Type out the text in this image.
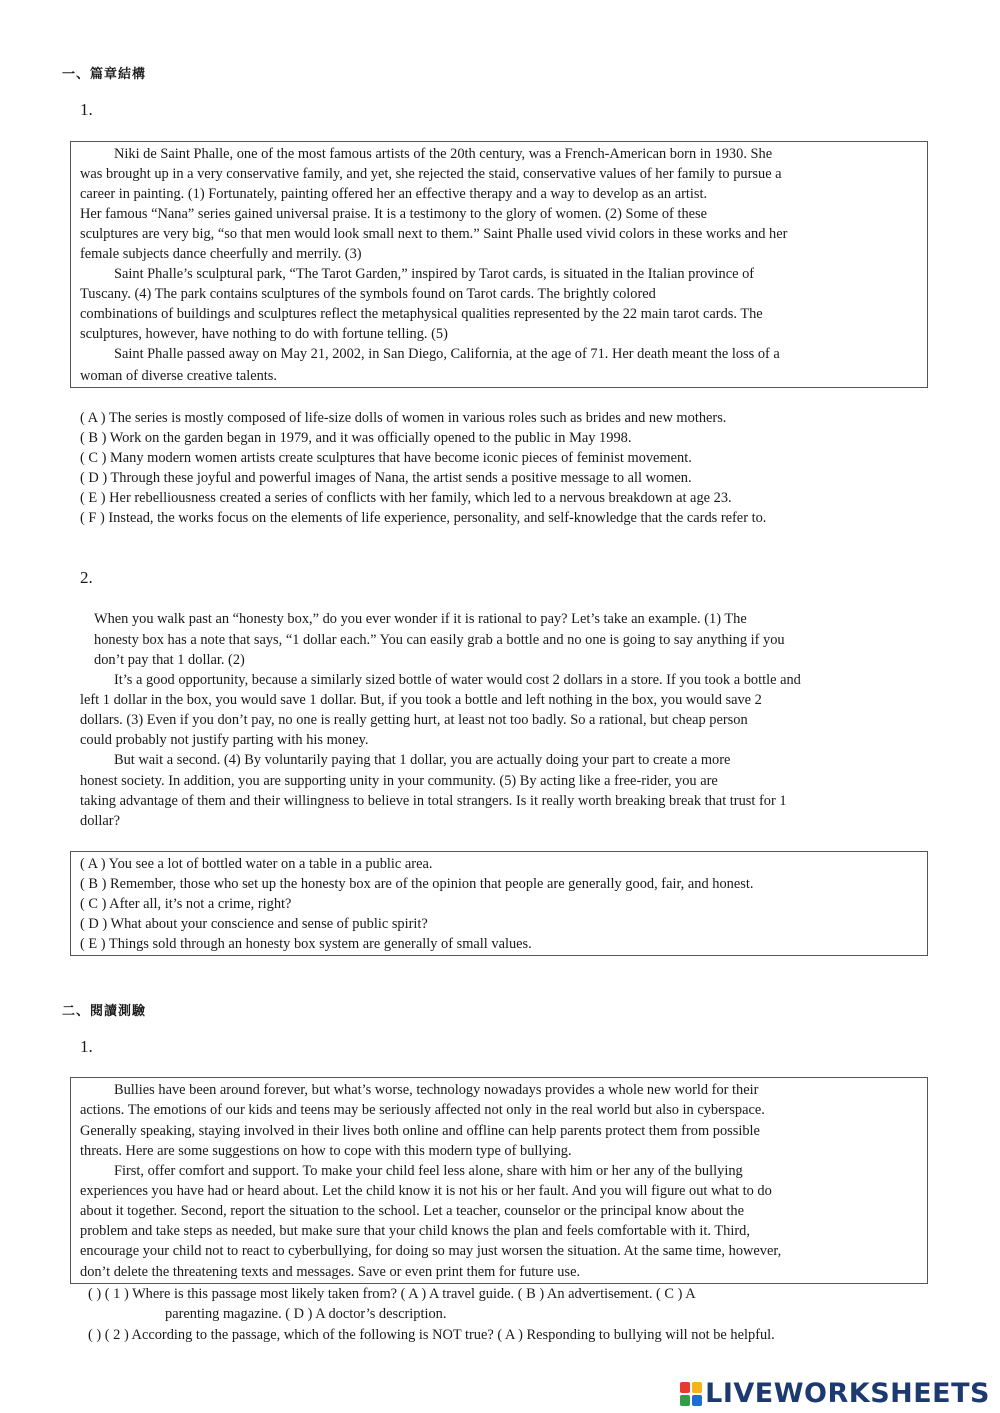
一、篇章結構
1.
Niki de Saint Phalle, one of the most famous artists of the 20th century, was a French-American born in 1930. She
was brought up in a very conservative family, and yet, she rejected the staid, conservative values of her family to pursue a
career in painting. (1) Fortunately, painting offered her an effective therapy and a way to develop as an artist.
Her famous “Nana” series gained universal praise. It is a testimony to the glory of women. (2) Some of these
sculptures are very big, “so that men would look small next to them.” Saint Phalle used vivid colors in these works and her
female subjects dance cheerfully and merrily. (3)
Saint Phalle’s sculptural park, “The Tarot Garden,” inspired by Tarot cards, is situated in the Italian province of
Tuscany. (4) The park contains sculptures of the symbols found on Tarot cards. The brightly colored
combinations of buildings and sculptures reflect the metaphysical qualities represented by the 22 main tarot cards. The
sculptures, however, have nothing to do with fortune telling. (5)
Saint Phalle passed away on May 21, 2002, in San Diego, California, at the age of 71. Her death meant the loss of a
woman of diverse creative talents.
( A ) The series is mostly composed of life-size dolls of women in various roles such as brides and new mothers.
( B ) Work on the garden began in 1979, and it was officially opened to the public in May 1998.
( C ) Many modern women artists create sculptures that have become iconic pieces of feminist movement.
( D ) Through these joyful and powerful images of Nana, the artist sends a positive message to all women.
( E ) Her rebelliousness created a series of conflicts with her family, which led to a nervous breakdown at age 23.
( F ) Instead, the works focus on the elements of life experience, personality, and self-knowledge that the cards refer to.
2.
When you walk past an “honesty box,” do you ever wonder if it is rational to pay? Let’s take an example. (1) The
honesty box has a note that says, “1 dollar each.” You can easily grab a bottle and no one is going to say anything if you
don’t pay that 1 dollar. (2)
It’s a good opportunity, because a similarly sized bottle of water would cost 2 dollars in a store. If you took a bottle and
left 1 dollar in the box, you would save 1 dollar. But, if you took a bottle and left nothing in the box, you would save 2
dollars. (3) Even if you don’t pay, no one is really getting hurt, at least not too badly. So a rational, but cheap person
could probably not justify parting with his money.
But wait a second. (4) By voluntarily paying that 1 dollar, you are actually doing your part to create a more
honest society. In addition, you are supporting unity in your community. (5) By acting like a free-rider, you are
taking advantage of them and their willingness to believe in total strangers. Is it really worth breaking break that trust for 1
dollar?
( A ) You see a lot of bottled water on a table in a public area.
( B ) Remember, those who set up the honesty box are of the opinion that people are generally good, fair, and honest.
( C ) After all, it’s not a crime, right?
( D ) What about your conscience and sense of public spirit?
( E ) Things sold through an honesty box system are generally of small values.
二、閱讀測驗
1.
Bullies have been around forever, but what’s worse, technology nowadays provides a whole new world for their
actions. The emotions of our kids and teens may be seriously affected not only in the real world but also in cyberspace.
Generally speaking, staying involved in their lives both online and offline can help parents protect them from possible
threats. Here are some suggestions on how to cope with this modern type of bullying.
First, offer comfort and support. To make your child feel less alone, share with him or her any of the bullying
experiences you have had or heard about. Let the child know it is not his or her fault. And you will figure out what to do
about it together. Second, report the situation to the school. Let a teacher, counselor or the principal know about the
problem and take steps as needed, but make sure that your child knows the plan and feels comfortable with it. Third,
encourage your child not to react to cyberbullying, for doing so may just worsen the situation. At the same time, however,
don’t delete the threatening texts and messages. Save or even print them for future use.
( ) ( 1 ) Where is this passage most likely taken from? ( A ) A travel guide. ( B ) An advertisement. ( C ) A
parenting magazine. ( D ) A doctor’s description.
( ) ( 2 ) According to the passage, which of the following is NOT true? ( A ) Responding to bullying will not be helpful.
LIVEWORKSHEETS
